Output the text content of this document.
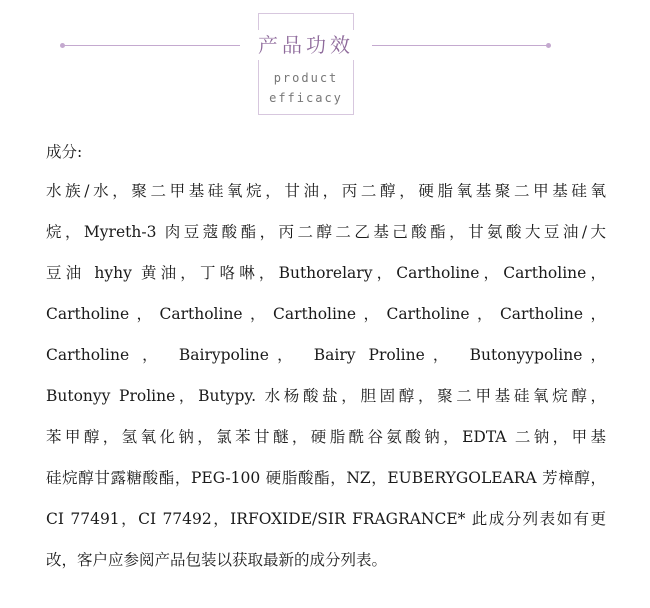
产品功效
product
efficacy

成分:

水族/水，聚二甲基硅氧烷，甘油，丙二醇，硬脂氧基聚二甲基硅氧

烷，Myreth-3 肉豆蔻酸酯，丙二醇二乙基己酸酯，甘氨酸大豆油/大

豆油 hyhy 黄油，丁咯啉，Buthorelary，Cartholine，Cartholine，

Cartholine，Cartholine，Cartholine，Cartholine，Cartholine，

Cartholine ， Bairypoline， Bairy Proline， Butonyypoline，

Butonyy Proline，Butypy. 水杨酸盐，胆固醇，聚二甲基硅氧烷醇，

苯甲醇，氢氧化钠，氯苯甘醚，硬脂酰谷氨酸钠，EDTA 二钠，甲基

硅烷醇甘露糖酸酯，PEG-100 硬脂酸酯，NZ，EUBERYGOLEARA 芳樟醇，

CI 77491，CI 77492，IRFOXIDE/SIR FRAGRANCE* 此成分列表如有更

改，客户应参阅产品包装以获取最新的成分列表。
